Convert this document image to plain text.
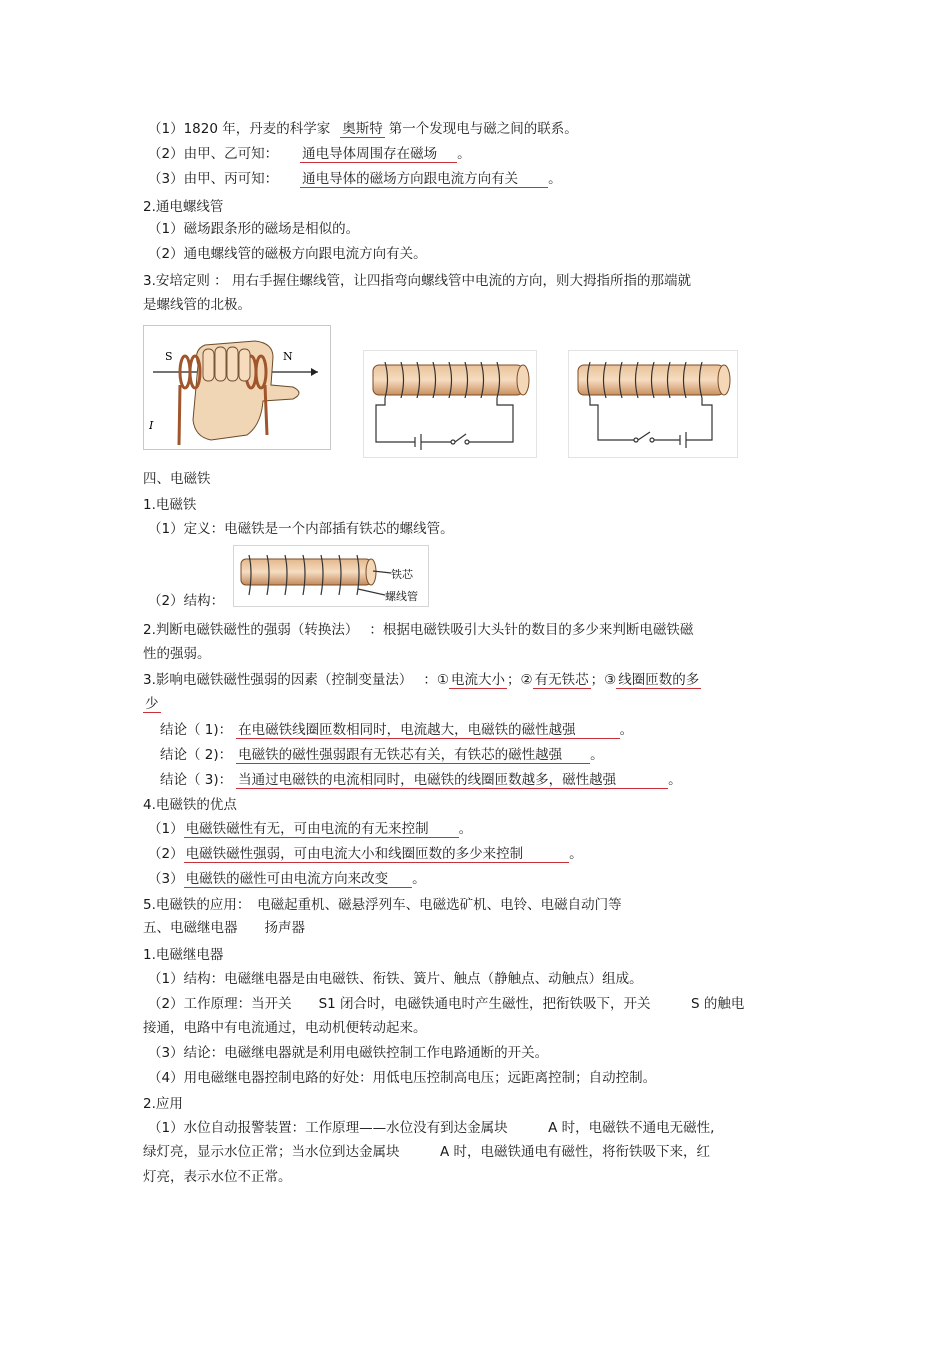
（1）1820 年，丹麦的科学家 奥斯特 第一个发现电与磁之间的联系。
（2）由甲、乙可知： 通电导体周围存在磁场 。
（3）由甲、丙可知： 通电导体的磁场方向跟电流方向有关 。
2.通电螺线管
（1）磁场跟条形的磁场是相似的。
（2）通电螺线管的磁极方向跟电流方向有关。
3.安培定则 ： 用右手握住螺线管，让四指弯向螺线管中电流的方向，则大拇指所指的那端就
是螺线管的北极。
S	N
I
四、电磁铁
1.电磁铁
（1）定义：电磁铁是一个内部插有铁芯的螺线管。
铁芯
螺线管
（2）结构：
2.判断电磁铁磁性的强弱（转换法）　 ：根据电磁铁吸引大头针的数目的多少来判断电磁铁磁
性的强弱。
3.影响电磁铁磁性强弱的因素（控制变量法）　 ：① 电流大小 ；② 有无铁芯 ；③ 线圈匝数的多
少
结论（ 1)： 在电磁铁线圈匝数相同时，电流越大，电磁铁的磁性越强	。
结论（ 2)： 电磁铁的磁性强弱跟有无铁芯有关，有铁芯的磁性越强 。
结论（ 3)： 当通过电磁铁的电流相同时，电磁铁的线圈匝数越多，磁性越强	。
4.电磁铁的优点
（1） 电磁铁磁性有无，可由电流的有无来控制 。
（2） 电磁铁磁性强弱，可由电流大小和线圈匝数的多少来控制	。
（3） 电磁铁的磁性可由电流方向来改变 。
5.电磁铁的应用：　电磁起重机、磁悬浮列车、电磁选矿机、电铃、电磁自动门等
五、电磁继电器　　扬声器
1.电磁继电器
（1）结构：电磁继电器是由电磁铁、衔铁、簧片、触点（静触点、动触点）组成。
（2）工作原理：当开关　　S1 闭合时，电磁铁通电时产生磁性，把衔铁吸下，开关　　　S 的触电
接通，电路中有电流通过，电动机便转动起来。
（3）结论：电磁继电器就是利用电磁铁控制工作电路通断的开关。
（4）用电磁继电器控制电路的好处：用低电压控制高电压；远距离控制；自动控制。
2.应用
（1）水位自动报警装置：工作原理——水位没有到达金属块　　　A 时，电磁铁不通电无磁性,
绿灯亮，显示水位正常；当水位到达金属块　　　A 时，电磁铁通电有磁性，将衔铁吸下来，红
灯亮，表示水位不正常。
